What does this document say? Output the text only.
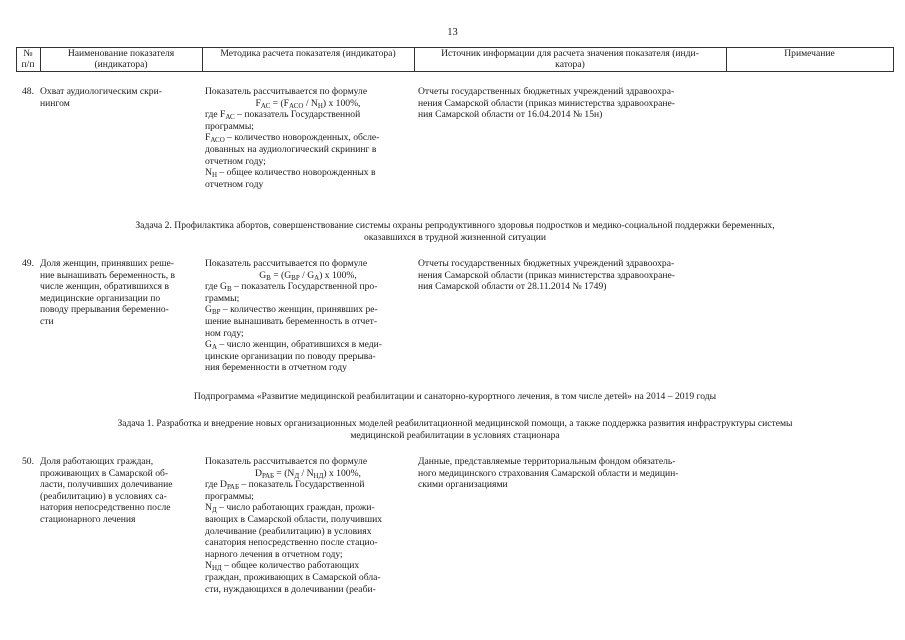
13
№
п/п
Наименование показателя
(индикатора)
Методика расчета показателя (индикатора)	Источник информации для расчета значения показателя (инди-
катора)
Примечание
48. Охват аудиологическим скри-
нингом
Показатель рассчитывается по формуле
$F_{АС} = (F_{АСО} / N_Н)$ x 100%,
где $F_{АС}$ – показатель Государственной
программы;
$F_{АСО}$ – количество новорожденных, обсле-
дованных на аудиологический скрининг в
отчетном году;
$N_Н$ – общее количество новорожденных в
отчетном году
Отчеты государственных бюджетных учреждений здравоохра-
нения Самарской области (приказ министерства здравоохране-
ния Самарской области от 16.04.2014 № 15н)
Задача 2. Профилактика абортов, совершенствование системы охраны репродуктивного здоровья подростков и медико-социальной поддержки беременных,
оказавшихся в трудной жизненной ситуации
49. Доля женщин, принявших реше-
ние вынашивать беременность, в
числе женщин, обратившихся в
медицинские организации по
поводу прерывания беременно-
сти
Показатель рассчитывается по формуле
$G_В = (G_{ВР} / G_А)$ x 100%,
где $G_В$ – показатель Государственной про-
граммы;
$G_{ВР}$ – количество женщин, принявших ре-
шение вынашивать беременность в отчет-
ном году;
$G_А$ – число женщин, обратившихся в меди-
цинские организации по поводу прерыва-
ния беременности в отчетном году
Отчеты государственных бюджетных учреждений здравоохра-
нения Самарской области (приказ министерства здравоохране-
ния Самарской области от 28.11.2014 № 1749)
Подпрограмма «Развитие медицинской реабилитации и санаторно-курортного лечения, в том числе детей» на 2014 – 2019 годы
Задача 1. Разработка и внедрение новых организационных моделей реабилитационной медицинской помощи, а также поддержка развития инфраструктуры системы
медицинской реабилитации в условиях стационара
50. Доля работающих граждан,
проживающих в Самарской об-
ласти, получивших долечивание
(реабилитацию) в условиях са-
натория непосредственно после
стационарного лечения
Показатель рассчитывается по формуле
$D_{РАБ} = (N_Д / N_{НД})$ x 100%,
где $D_{РАБ}$ – показатель Государственной
программы;
$N_Д$ – число работающих граждан, прожи-
вающих в Самарской области, получивших
долечивание (реабилитацию) в условиях
санатория непосредственно после стацио-
нарного лечения в отчетном году;
$N_{НД}$ – общее количество работающих
граждан, проживающих в Самарской обла-
сти, нуждающихся в долечивании (реаби-
Данные, представляемые территориальным фондом обязатель-
ного медицинского страхования Самарской области и медицин-
скими организациями
